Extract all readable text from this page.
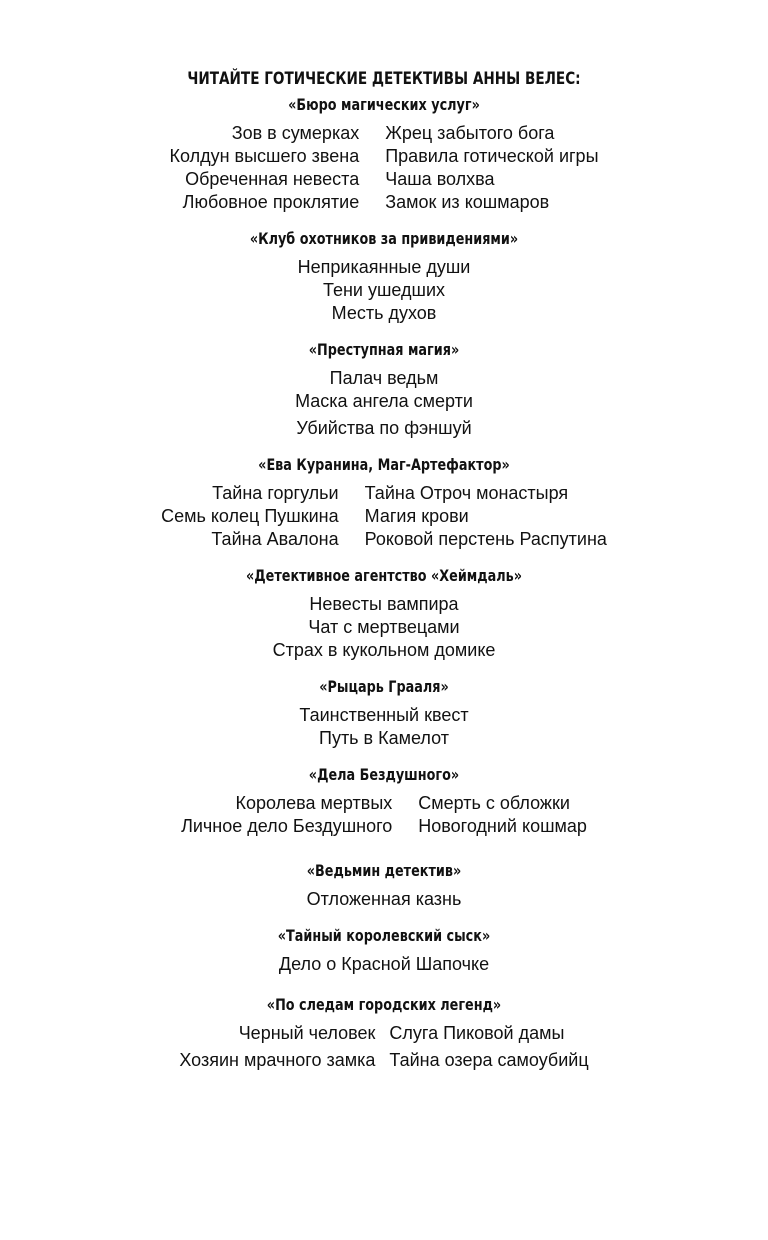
ЧИТАЙТЕ ГОТИЧЕСКИЕ ДЕТЕКТИВЫ АННЫ ВЕЛЕС:
«Бюро магических услуг»
Зов в сумерках Жрец забытого бога
Колдун высшего звена Правила готической игры
Обреченная невеста Чаша волхва
Любовное проклятие Замок из кошмаров
«Клуб охотников за привидениями»
Неприкаянные души
Тени ушедших
Месть духов
«Преступная магия»
Палач ведьм
Маска ангела смерти
Убийства по фэншуй
«Ева Куранина, Маг-Артефактор»
Тайна горгульи Тайна Отроч монастыря
Семь колец Пушкина Магия крови
Тайна Авалона Роковой перстень Распутина
«Детективное агентство «Хеймдаль»
Невесты вампира
Чат с мертвецами
Страх в кукольном домике
«Рыцарь Грааля»
Таинственный квест
Путь в Камелот
«Дела Бездушного»
Королева мертвых Смерть с обложки
Личное дело Бездушного Новогодний кошмар
«Ведьмин детектив»
Отложенная казнь
«Тайный королевский сыск»
Дело о Красной Шапочке
«По следам городских легенд»
Черный человек Слуга Пиковой дамы
Хозяин мрачного замка Тайна озера самоубийц
